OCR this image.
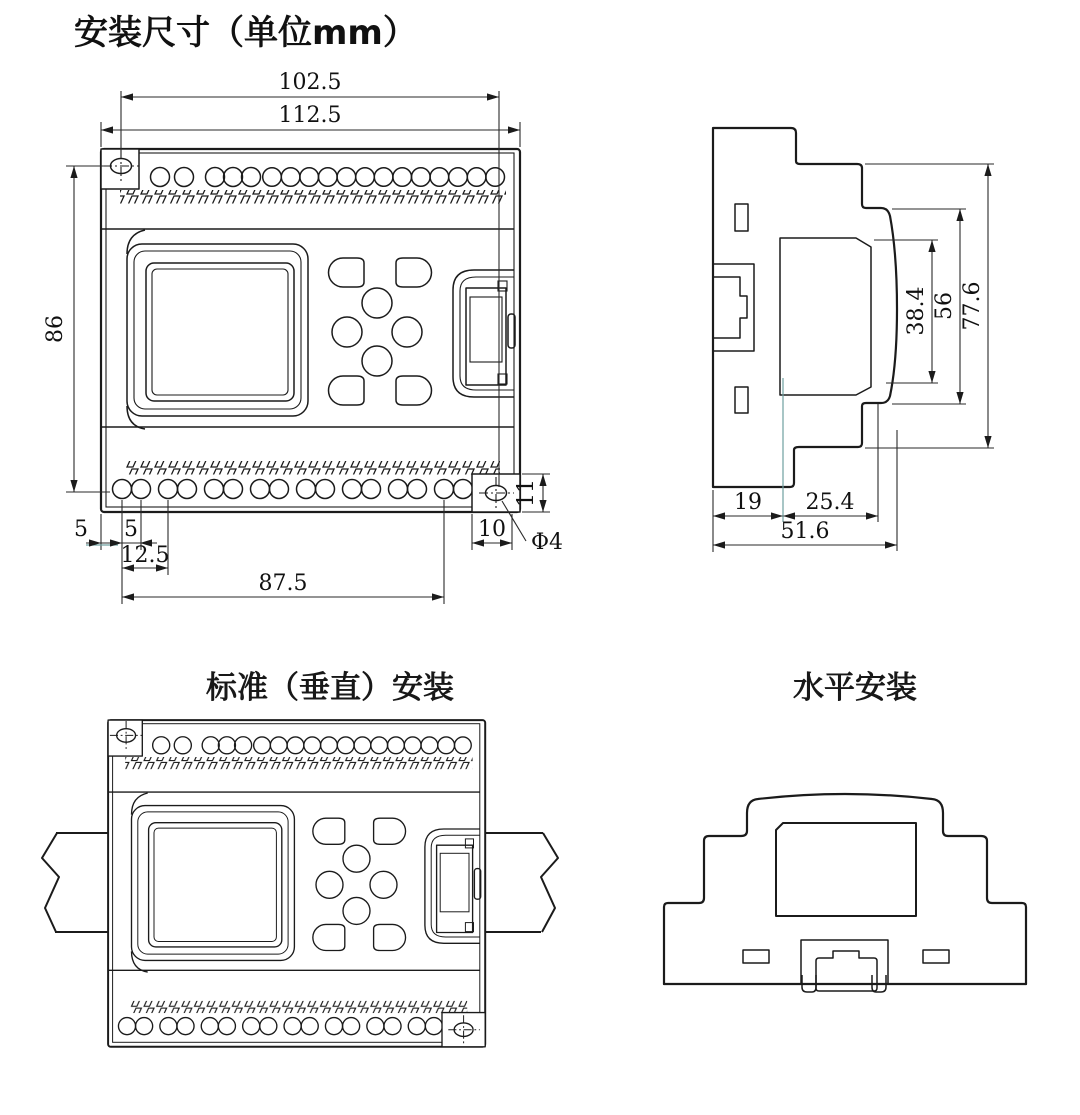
安装尺寸（单位mm）
102.5
112.5
86
5 5
12.5
87.5
10
11
Φ4
38.4 56 77.6
19 25.4
51.6
标准（垂直）安装	水平安装
